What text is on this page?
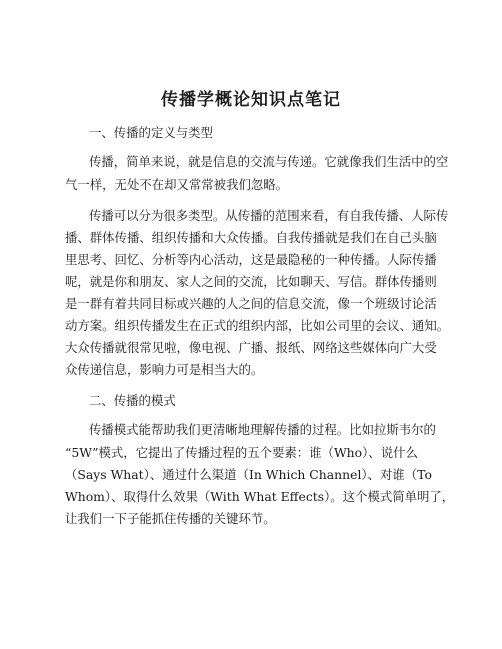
传播学概论知识点笔记
一、传播的定义与类型
传播，简单来说，就是信息的交流与传递。它就像我们生活中的空
气一样，无处不在却又常常被我们忽略。
传播可以分为很多类型。从传播的范围来看，有自我传播、人际传
播、群体传播、组织传播和大众传播。自我传播就是我们在自己头脑
里思考、回忆、分析等内心活动，这是最隐秘的一种传播。人际传播
呢，就是你和朋友、家人之间的交流，比如聊天、写信。群体传播则
是一群有着共同目标或兴趣的人之间的信息交流，像一个班级讨论活
动方案。组织传播发生在正式的组织内部，比如公司里的会议、通知。
大众传播就很常见啦，像电视、广播、报纸、网络这些媒体向广大受
众传递信息，影响力可是相当大的。
二、传播的模式
传播模式能帮助我们更清晰地理解传播的过程。比如拉斯韦尔的
“5W”模式，它提出了传播过程的五个要素：谁（Who）、说什么
（Says What）、通过什么渠道（In Which Channel）、对谁（To
Whom）、取得什么效果（With What Effects）。这个模式简单明了，
让我们一下子能抓住传播的关键环节。
